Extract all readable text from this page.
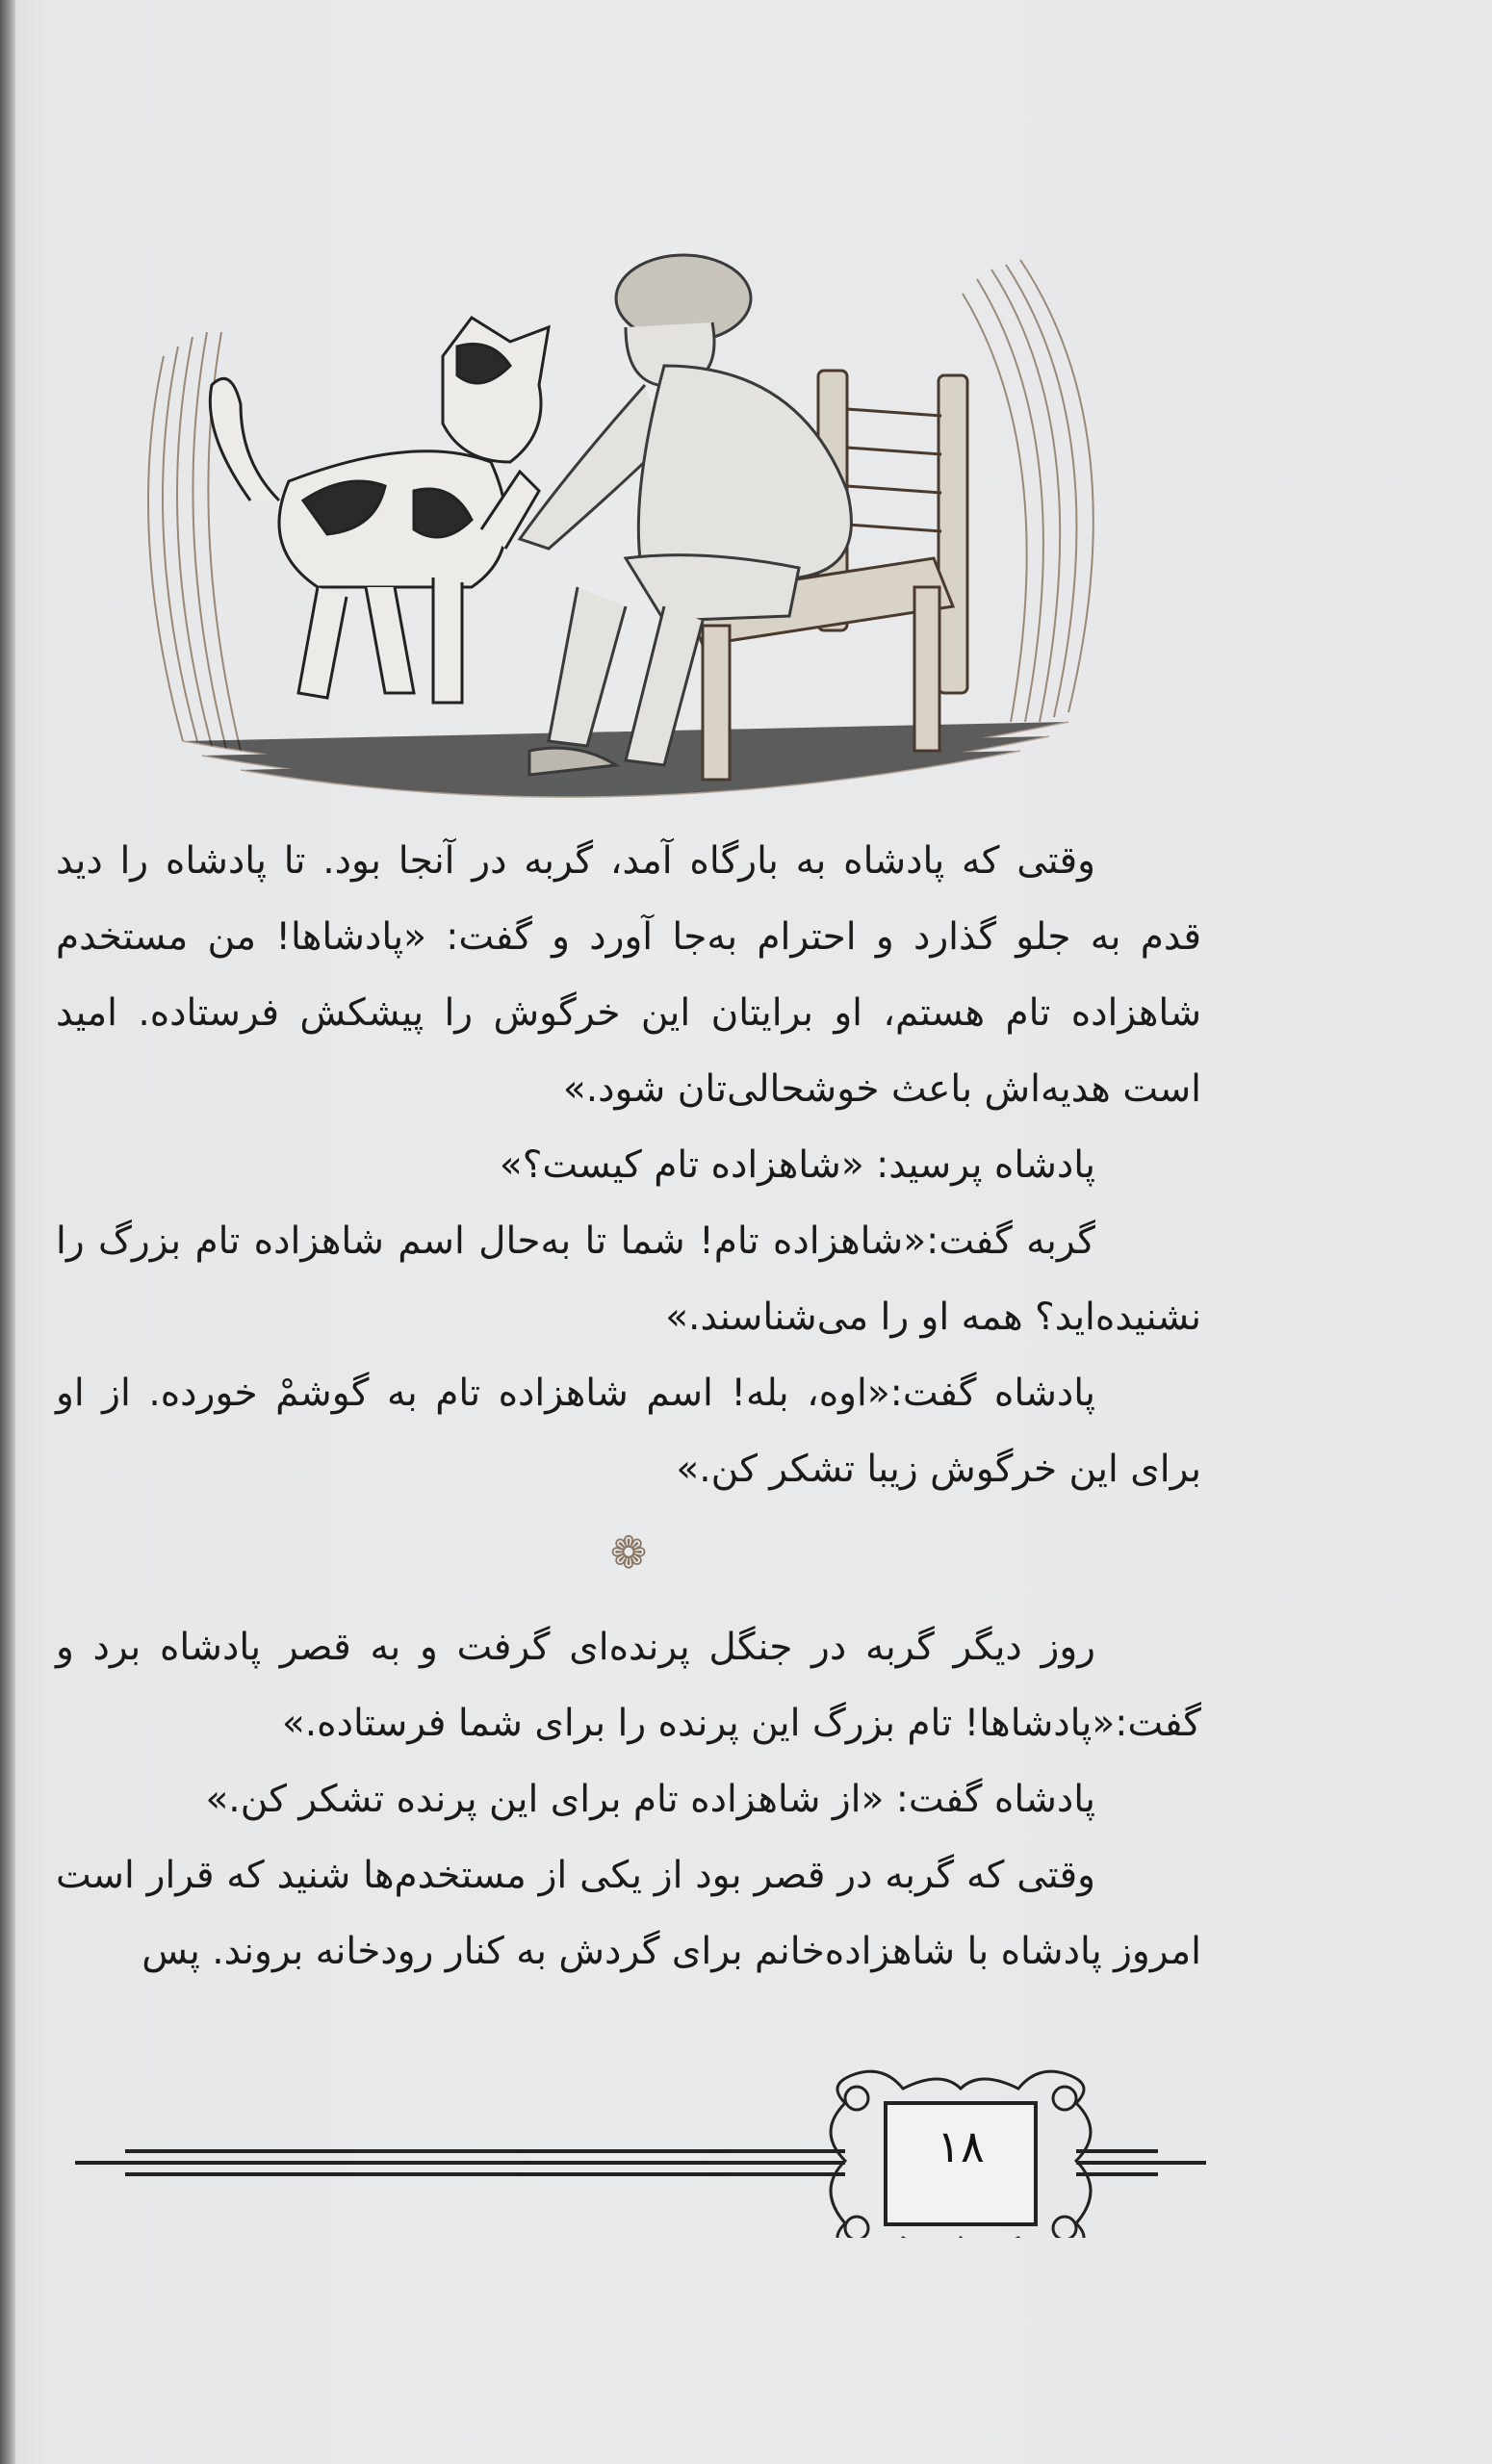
وقتی که پادشاه به بارگاه آمد، گربه در آنجا بود. تا پادشاه را دید قدم به جلو گذارد و احترام به‌جا آورد و گفت: «پادشاها! من مستخدم شاهزاده تام هستم، او برایتان این خرگوش را پیشکش فرستاده. امید است هدیه‌اش باعث خوشحالی‌تان شود.»

پادشاه پرسید: «شاهزاده تام کیست؟»

گربه گفت:«شاهزاده تام! شما تا به‌حال اسم شاهزاده تام بزرگ را نشنیده‌اید؟ همه او را می‌شناسند.»

پادشاه گفت:«اوه، بله! اسم شاهزاده تام به گوشمْ خورده. از او برای این خرگوش زیبا تشکر کن.»

❁

روز دیگر گربه در جنگل پرنده‌ای گرفت و به قصر پادشاه برد و گفت:«پادشاها! تام بزرگ این پرنده را برای شما فرستاده.»

پادشاه گفت: «از شاهزاده تام برای این پرنده تشکر کن.»

وقتی که گربه در قصر بود از یکی از مستخدم‌ها شنید که قرار است امروز پادشاه با شاهزاده‌خانم برای گردش به کنار رودخانه بروند. پس

۱۸
